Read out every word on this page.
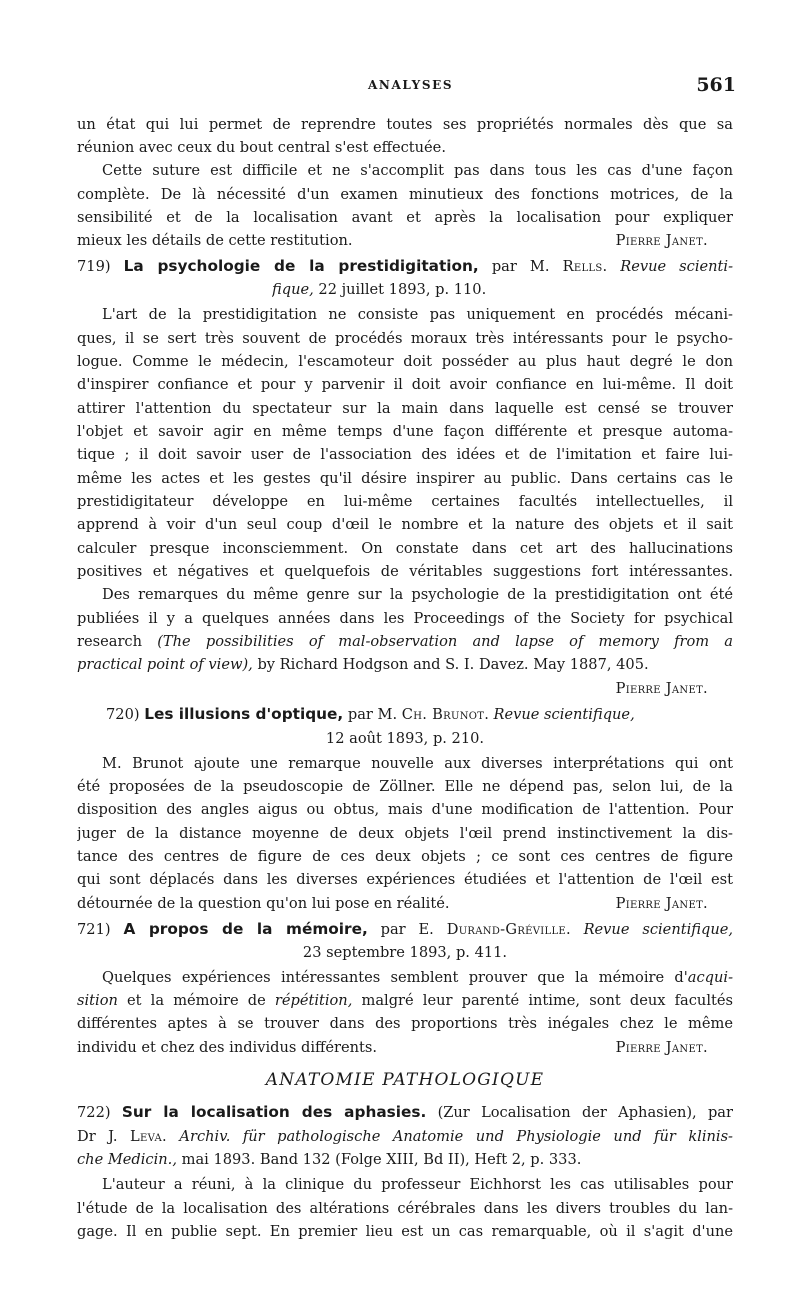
ANALYSES	561
un état qui lui permet de reprendre toutes ses propriétés normales dès que sa
réunion avec ceux du bout central s'est effectuée.
Cette suture est difficile et ne s'accomplit pas dans tous les cas d'une façon
complète. De là nécessité d'un examen minutieux des fonctions motrices, de la
sensibilité et de la localisation avant et après la localisation pour expliquer
mieux les détails de cette restitution.	Pierre Janet.
719) La psychologie de la prestidigitation, par M. Rells. Revue scienti-
fique, 22 juillet 1893, p. 110.
L'art de la prestidigitation ne consiste pas uniquement en procédés mécani-
ques, il se sert très souvent de procédés moraux très intéressants pour le psycho-
logue. Comme le médecin, l'escamoteur doit posséder au plus haut degré le don
d'inspirer confiance et pour y parvenir il doit avoir confiance en lui-même. Il doit
attirer l'attention du spectateur sur la main dans laquelle est censé se trouver
l'objet et savoir agir en même temps d'une façon différente et presque automa-
tique ; il doit savoir user de l'association des idées et de l'imitation et faire lui-
même les actes et les gestes qu'il désire inspirer au public. Dans certains cas le
prestidigitateur développe en lui-même certaines facultés intellectuelles, il
apprend à voir d'un seul coup d'œil le nombre et la nature des objets et il sait
calculer presque inconsciemment. On constate dans cet art des hallucinations
positives et négatives et quelquefois de véritables suggestions fort intéressantes.
Des remarques du même genre sur la psychologie de la prestidigitation ont été
publiées il y a quelques années dans les Proceedings of the Society for psychical
research (The possibilities of mal-observation and lapse of memory from a
practical point of view), by Richard Hodgson and S. I. Davez. May 1887, 405.
Pierre Janet.
720) Les illusions d'optique, par M. Ch. Brunot. Revue scientifique,
12 août 1893, p. 210.
M. Brunot ajoute une remarque nouvelle aux diverses interprétations qui ont
été proposées de la pseudoscopie de Zöllner. Elle ne dépend pas, selon lui, de la
disposition des angles aigus ou obtus, mais d'une modification de l'attention. Pour
juger de la distance moyenne de deux objets l'œil prend instinctivement la dis-
tance des centres de figure de ces deux objets ; ce sont ces centres de figure
qui sont déplacés dans les diverses expériences étudiées et l'attention de l'œil est
détournée de la question qu'on lui pose en réalité.	Pierre Janet.
721) A propos de la mémoire, par E. Durand-Gréville. Revue scientifique,
23 septembre 1893, p. 411.
Quelques expériences intéressantes semblent prouver que la mémoire d'acqui-
sition et la mémoire de répétition, malgré leur parenté intime, sont deux facultés
différentes aptes à se trouver dans des proportions très inégales chez le même
individu et chez des individus différents.	Pierre Janet.
ANATOMIE PATHOLOGIQUE
722) Sur la localisation des aphasies. (Zur Localisation der Aphasien), par
Dr J. Leva. Archiv. für pathologische Anatomie und Physiologie und für klinis-
che Medicin., mai 1893. Band 132 (Folge XIII, Bd II), Heft 2, p. 333.
L'auteur a réuni, à la clinique du professeur Eichhorst les cas utilisables pour
l'étude de la localisation des altérations cérébrales dans les divers troubles du lan-
gage. Il en publie sept. En premier lieu est un cas remarquable, où il s'agit d'une
